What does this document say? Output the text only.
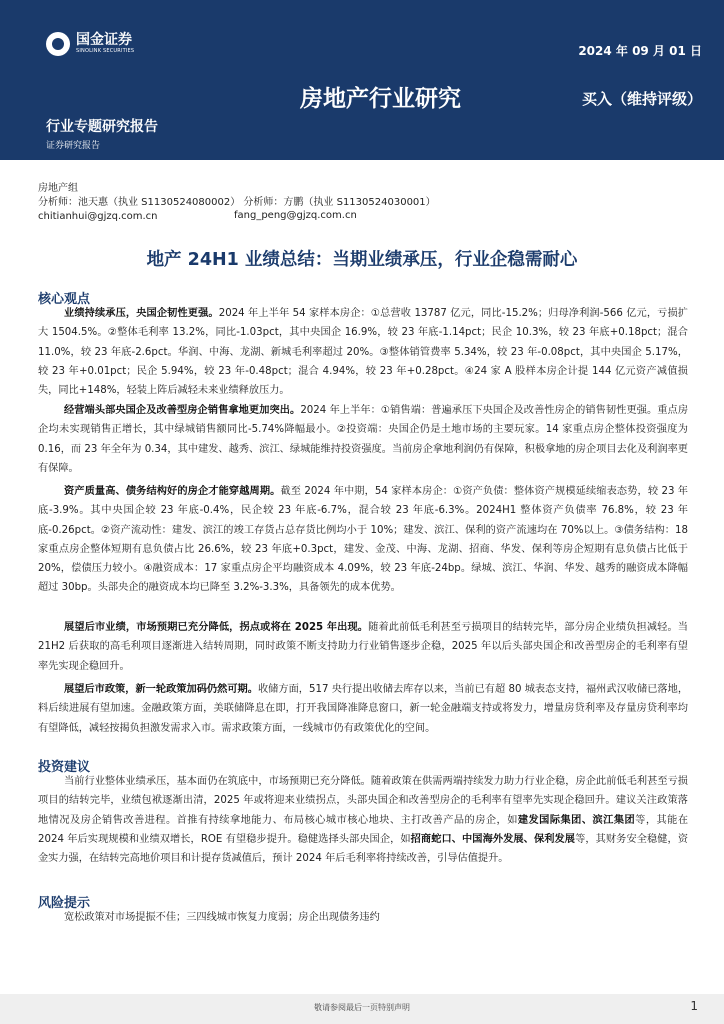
国金证券
SINOLINK SECURITIES	2024 年 09 月 01 日
房地产行业研究	买入（维持评级）
行业专题研究报告
证券研究报告
房地产组
分析师：池天惠（执业 S1130524080002） 分析师：方鹏（执业 S1130524030001）
chitianhui@gjzq.com.cn	fang_peng@gjzq.com.cn
地产 24H1 业绩总结：当期业绩承压，行业企稳需耐心
核心观点
业绩持续承压，央国企韧性更强。2024 年上半年 54 家样本房企：①总营收 13787 亿元，同比-15.2%；归母净利润-566 亿元，亏损扩大 1504.5%。②整体毛利率 13.2%，同比-1.03pct，其中央国企 16.9%，较 23 年底-1.14pct；民企 10.3%，较 23 年底+0.18pct；混合 11.0%，较 23 年底-2.6pct。华润、中海、龙湖、新城毛利率超过 20%。③整体销管费率 5.34%，较 23 年-0.08pct，其中央国企 5.17%，较 23 年+0.01pct；民企 5.94%，较 23 年-0.48pct；混合 4.94%，较 23 年+0.28pct。④24 家 A 股样本房企计提 144 亿元资产减值损失，同比+148%，轻装上阵后减轻未来业绩释放压力。
经营端头部央国企及改善型房企销售拿地更加突出。2024 年上半年：①销售端：普遍承压下央国企及改善性房企的销售韧性更强。重点房企均未实现销售正增长，其中绿城销售额同比-5.74%降幅最小。②投资端：央国企仍是土地市场的主要玩家。14 家重点房企整体投资强度为 0.16，而 23 年全年为 0.34，其中建发、越秀、滨江、绿城能维持投资强度。当前房企拿地利润仍有保障，积极拿地的房企项目去化及利润率更有保障。
资产质量高、债务结构好的房企才能穿越周期。截至 2024 年中期，54 家样本房企：①资产负债：整体资产规模延续缩表态势，较 23 年底-3.9%。其中央国企较 23 年底-0.4%，民企较 23 年底-6.7%，混合较 23 年底-6.3%。2024H1 整体资产负债率 76.8%，较 23 年底-0.26pct。②资产流动性：建发、滨江的竣工存货占总存货比例均小于 10%；建发、滨江、保利的资产流速均在 70%以上。③债务结构：18 家重点房企整体短期有息负债占比 26.6%，较 23 年底+0.3pct，建发、金茂、中海、龙湖、招商、华发、保利等房企短期有息负债占比低于 20%，偿债压力较小。④融资成本：17 家重点房企平均融资成本 4.09%，较 23 年底-24bp。绿城、滨江、华润、华发、越秀的融资成本降幅超过 30bp。头部央企的融资成本均已降至 3.2%-3.3%，具备领先的成本优势。
展望后市业绩，市场预期已充分降低，拐点或将在 2025 年出现。随着此前低毛利甚至亏损项目的结转完毕，部分房企业绩负担减轻。当 21H2 后获取的高毛利项目逐渐进入结转周期，同时政策不断支持助力行业销售逐步企稳，2025 年以后头部央国企和改善型房企的毛利率有望率先实现企稳回升。
展望后市政策，新一轮政策加码仍然可期。收储方面，517 央行提出收储去库存以来，当前已有超 80 城表态支持，福州武汉收储已落地，料后续进展有望加速。金融政策方面，美联储降息在即，打开我国降准降息窗口，新一轮金融端支持或将发力，增量房贷利率及存量房贷利率均有望降低，减轻按揭负担激发需求入市。需求政策方面，一线城市仍有政策优化的空间。
投资建议
当前行业整体业绩承压，基本面仍在筑底中，市场预期已充分降低。随着政策在供需两端持续发力助力行业企稳，房企此前低毛利甚至亏损项目的结转完毕，业绩包袱逐渐出清，2025 年或将迎来业绩拐点，头部央国企和改善型房企的毛利率有望率先实现企稳回升。建议关注政策落地情况及房企销售改善进程。首推有持续拿地能力、布局核心城市核心地块、主打改善产品的房企，如建发国际集团、滨江集团等，其能在 2024 年后实现规模和业绩双增长，ROE 有望稳步提升。稳健选择头部央国企，如招商蛇口、中国海外发展、保利发展等，其财务安全稳健，资金实力强，在结转完高地价项目和计提存货减值后，预计 2024 年后毛利率将持续改善，引导估值提升。
风险提示
宽松政策对市场提振不佳；三四线城市恢复力度弱；房企出现债务违约
敬请参阅最后一页特别声明	1
